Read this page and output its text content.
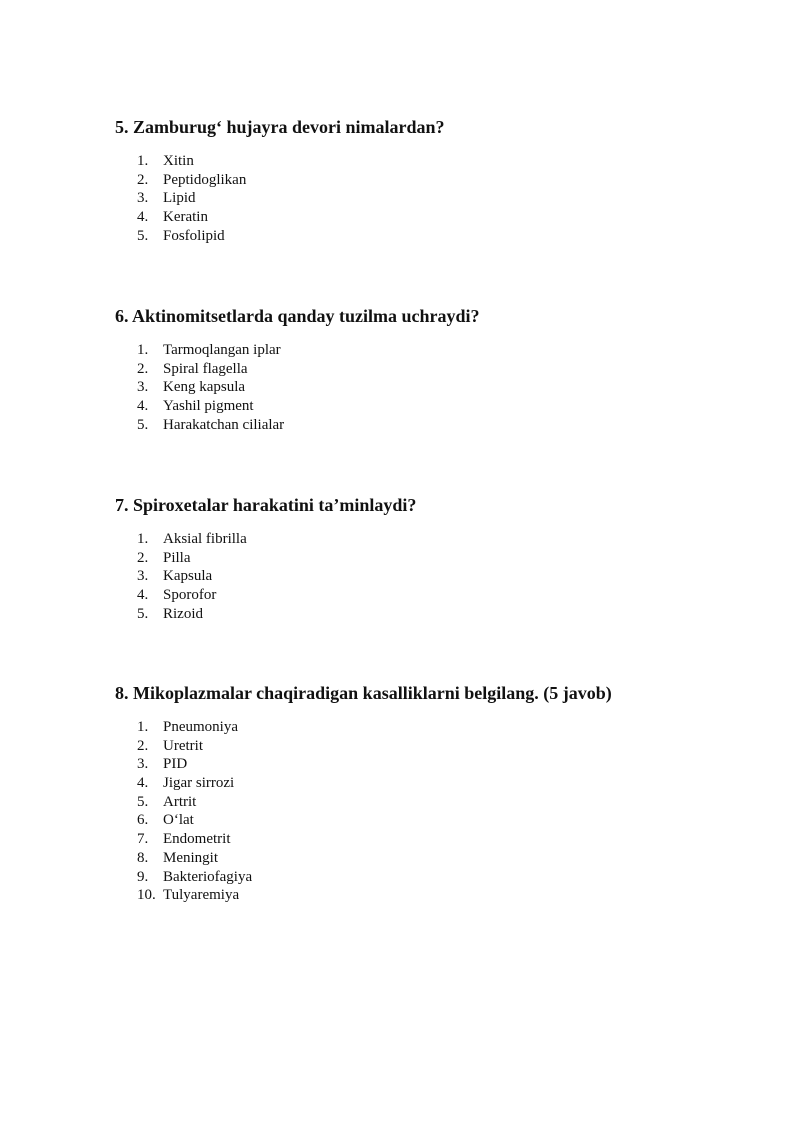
5. Zamburug‘ hujayra devori nimalardan?
1. Xitin
2. Peptidoglikan
3. Lipid
4. Keratin
5. Fosfolipid
6. Aktinomitsetlarda qanday tuzilma uchraydi?
1. Tarmoqlangan iplar
2. Spiral flagella
3. Keng kapsula
4. Yashil pigment
5. Harakatchan cilialar
7. Spiroxetalar harakatini ta’minlaydi?
1. Aksial fibrilla
2. Pilla
3. Kapsula
4. Sporofor
5. Rizoid
8. Mikoplazmalar chaqiradigan kasalliklarni belgilang. (5 javob)
1. Pneumoniya
2. Uretrit
3. PID
4. Jigar sirrozi
5. Artrit
6. O‘lat
7. Endometrit
8. Meningit
9. Bakteriofagiya
10. Tulyaremiya
